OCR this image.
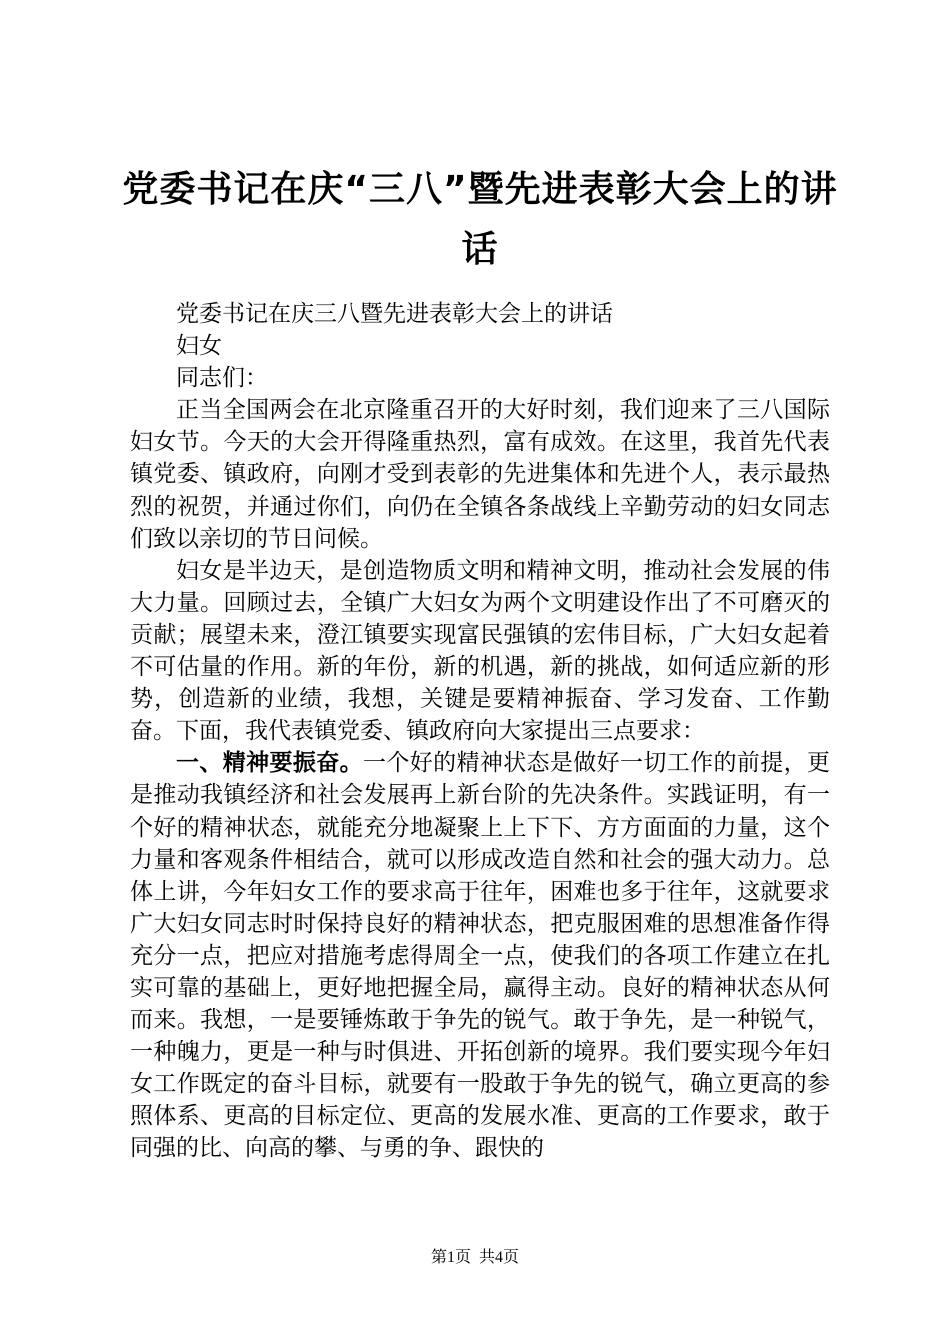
党委书记在庆“三八”暨先进表彰大会上的讲话

党委书记在庆三八暨先进表彰大会上的讲话

妇女

同志们：

正当全国两会在北京隆重召开的大好时刻，我们迎来了三八国际妇女节。今天的大会开得隆重热烈，富有成效。在这里，我首先代表镇党委、镇政府，向刚才受到表彰的先进集体和先进个人，表示最热烈的祝贺，并通过你们，向仍在全镇各条战线上辛勤劳动的妇女同志们致以亲切的节日问候。

妇女是半边天，是创造物质文明和精神文明，推动社会发展的伟大力量。回顾过去，全镇广大妇女为两个文明建设作出了不可磨灭的贡献；展望未来，澄江镇要实现富民强镇的宏伟目标，广大妇女起着不可估量的作用。新的年份，新的机遇，新的挑战，如何适应新的形势，创造新的业绩，我想，关键是要精神振奋、学习发奋、工作勤奋。下面，我代表镇党委、镇政府向大家提出三点要求：

一、精神要振奋。一个好的精神状态是做好一切工作的前提，更是推动我镇经济和社会发展再上新台阶的先决条件。实践证明，有一个好的精神状态，就能充分地凝聚上上下下、方方面面的力量，这个力量和客观条件相结合，就可以形成改造自然和社会的强大动力。总体上讲，今年妇女工作的要求高于往年，困难也多于往年，这就要求广大妇女同志时时保持良好的精神状态，把克服困难的思想准备作得充分一点，把应对措施考虑得周全一点，使我们的各项工作建立在扎实可靠的基础上，更好地把握全局，赢得主动。良好的精神状态从何而来。我想，一是要锤炼敢于争先的锐气。敢于争先，是一种锐气，一种魄力，更是一种与时俱进、开拓创新的境界。我们要实现今年妇女工作既定的奋斗目标，就要有一股敢于争先的锐气，确立更高的参照体系、更高的目标定位、更高的发展水准、更高的工作要求，敢于同强的比、向高的攀、与勇的争、跟快的

第1页 共4页
